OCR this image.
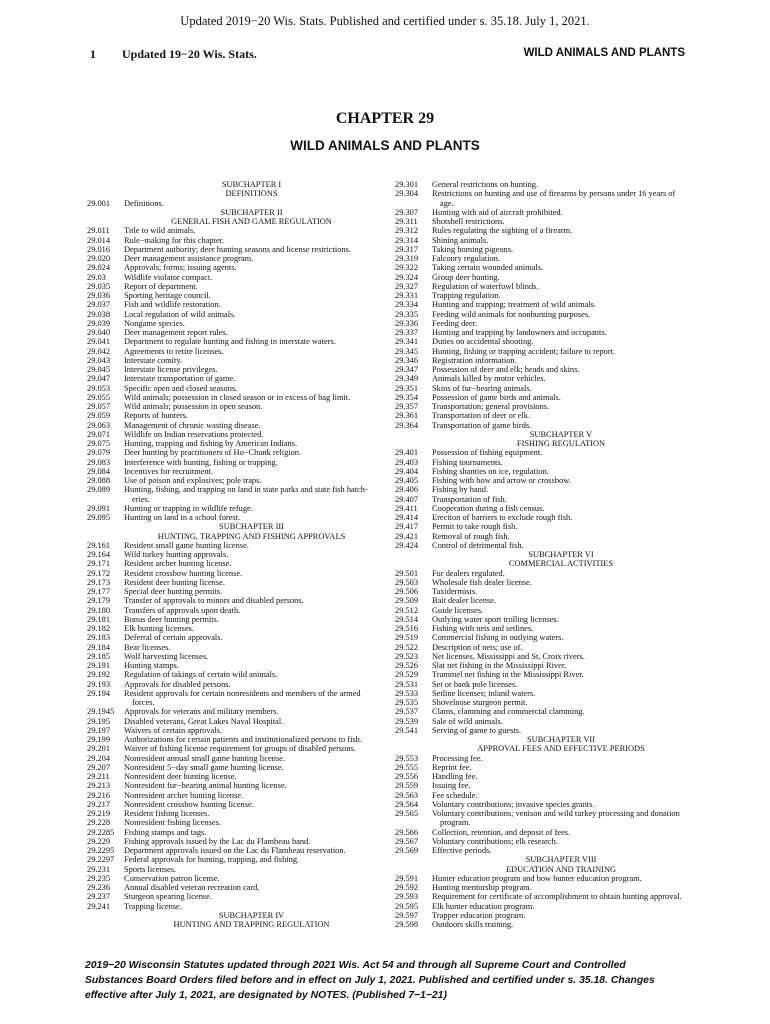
Updated 2019−20 Wis. Stats. Published and certified under s. 35.18. July 1, 2021.
1 Updated 19−20 Wis. Stats.	WILD ANIMALS AND PLANTS
CHAPTER 29
WILD ANIMALS AND PLANTS
SUBCHAPTER I
DEFINITIONS
29.001 Definitions.
SUBCHAPTER II
GENERAL FISH AND GAME REGULATION
29.011 Title to wild animals.
29.014 Rule−making for this chapter.
29.016 Department authority; deer hunting seasons and license restrictions.
29.020 Deer management assistance program.
29.024 Approvals; forms; issuing agents.
29.03 Wildlife violator compact.
29.035 Report of department.
29.036 Sporting heritage council.
29.037 Fish and wildlife restoration.
29.038 Local regulation of wild animals.
29.039 Nongame species.
29.040 Deer management report rules.
29.041 Department to regulate hunting and fishing in interstate waters.
29.042 Agreements to retire licenses.
29.043 Interstate comity.
29.045 Interstate license privileges.
29.047 Interstate transportation of game.
29.053 Specific open and closed seasons.
29.055 Wild animals; possession in closed season or in excess of bag limit.
29.057 Wild animals; possession in open season.
29.059 Reports of hunters.
29.063 Management of chronic wasting disease.
29.071 Wildlife on Indian reservations protected.
29.075 Hunting, trapping and fishing by American Indians.
29.079 Deer hunting by practitioners of Ho−Chunk religion.
29.083 Interference with hunting, fishing or trapping.
29.084 Incentives for recruitment.
29.088 Use of poison and explosives; pole traps.
29.089 Hunting, fishing, and trapping on land in state parks and state fish hatch-
eries.
29.091 Hunting or trapping in wildlife refuge.
29.095 Hunting on land in a school forest.
SUBCHAPTER III
HUNTING, TRAPPING AND FISHING APPROVALS
29.161 Resident small game hunting license.
29.164 Wild turkey hunting approvals.
29.171 Resident archer hunting license.
29.172 Resident crossbow hunting license.
29.173 Resident deer hunting license.
29.177 Special deer hunting permits.
29.179 Transfer of approvals to minors and disabled persons.
29.180 Transfers of approvals upon death.
29.181 Bonus deer hunting permits.
29.182 Elk hunting licenses.
29.183 Deferral of certain approvals.
29.184 Bear licenses.
29.185 Wolf harvesting licenses.
29.191 Hunting stamps.
29.192 Regulation of takings of certain wild animals.
29.193 Approvals for disabled persons.
29.194 Resident approvals for certain nonresidents and members of the armed
forces.
29.1945 Approvals for veterans and military members.
29.195 Disabled veterans, Great Lakes Naval Hospital.
29.197 Waivers of certain approvals.
29.199 Authorizations for certain patients and institutionalized persons to fish.
29.201 Waiver of fishing license requirement for groups of disabled persons.
29.204 Nonresident annual small game hunting license.
29.207 Nonresident 5−day small game hunting license.
29.211 Nonresident deer hunting license.
29.213 Nonresident fur−bearing animal hunting license.
29.216 Nonresident archer hunting license.
29.217 Nonresident crossbow hunting license.
29.219 Resident fishing licenses.
29.228 Nonresident fishing licenses.
29.2285 Fishing stamps and tags.
29.229 Fishing approvals issued by the Lac du Flambeau band.
29.2295 Department approvals issued on the Lac du Flambeau reservation.
29.2297 Federal approvals for hunting, trapping, and fishing.
29.231 Sports licenses.
29.235 Conservation patron license.
29.236 Annual disabled veteran recreation card.
29.237 Sturgeon spearing license.
29.241 Trapping license.
SUBCHAPTER IV
HUNTING AND TRAPPING REGULATION
29.301 General restrictions on hunting.
29.304 Restrictions on hunting and use of firearms by persons under 16 years of
age.
29.307 Hunting with aid of aircraft prohibited.
29.311 Shotshell restrictions.
29.312 Rules regulating the sighting of a firearm.
29.314 Shining animals.
29.317 Taking homing pigeons.
29.319 Falconry regulation.
29.322 Taking certain wounded animals.
29.324 Group deer hunting.
29.327 Regulation of waterfowl blinds.
29.331 Trapping regulation.
29.334 Hunting and trapping; treatment of wild animals.
29.335 Feeding wild animals for nonhunting purposes.
29.336 Feeding deer.
29.337 Hunting and trapping by landowners and occupants.
29.341 Duties on accidental shooting.
29.345 Hunting, fishing or trapping accident; failure to report.
29.346 Registration information.
29.347 Possession of deer and elk; heads and skins.
29.349 Animals killed by motor vehicles.
29.351 Skins of fur−bearing animals.
29.354 Possession of game birds and animals.
29.357 Transportation; general provisions.
29.361 Transportation of deer or elk.
29.364 Transportation of game birds.
SUBCHAPTER V
FISHING REGULATION
29.401 Possession of fishing equipment.
29.403 Fishing tournaments.
29.404 Fishing shanties on ice, regulation.
29.405 Fishing with bow and arrow or crossbow.
29.406 Fishing by hand.
29.407 Transportation of fish.
29.411 Cooperation during a fish census.
29.414 Erection of barriers to exclude rough fish.
29.417 Permit to take rough fish.
29.421 Removal of rough fish.
29.424 Control of detrimental fish.
SUBCHAPTER VI
COMMERCIAL ACTIVITIES
29.501 Fur dealers regulated.
29.503 Wholesale fish dealer license.
29.506 Taxidermists.
29.509 Bait dealer license.
29.512 Guide licenses.
29.514 Outlying water sport trolling licenses.
29.516 Fishing with nets and setlines.
29.519 Commercial fishing in outlying waters.
29.522 Description of nets; use of.
29.523 Net licenses, Mississippi and St. Croix rivers.
29.526 Slat net fishing in the Mississippi River.
29.529 Trammel net fishing in the Mississippi River.
29.531 Set or bank pole licenses.
29.533 Setline licenses; inland waters.
29.535 Shovelnose sturgeon permit.
29.537 Clams, clamming and commercial clamming.
29.539 Sale of wild animals.
29.541 Serving of game to guests.
SUBCHAPTER VII
APPROVAL FEES AND EFFECTIVE PERIODS
29.553 Processing fee.
29.555 Reprint fee.
29.556 Handling fee.
29.559 Issuing fee.
29.563 Fee schedule.
29.564 Voluntary contributions; invasive species grants.
29.565 Voluntary contributions; venison and wild turkey processing and donation
program.
29.566 Collection, retention, and deposit of fees.
29.567 Voluntary contributions; elk research.
29.569 Effective periods.
SUBCHAPTER VIII
EDUCATION AND TRAINING
29.591 Hunter education program and bow hunter education program.
29.592 Hunting mentorship program.
29.593 Requirement for certificate of accomplishment to obtain hunting approval.
29.595 Elk hunter education program.
29.597 Trapper education program.
29.598 Outdoors skills training.
2019−20 Wisconsin Statutes updated through 2021 Wis. Act 54 and through all Supreme Court and Controlled Substances Board Orders filed before and in effect on July 1, 2021. Published and certified under s. 35.18. Changes effective after July 1, 2021, are designated by NOTES. (Published 7−1−21)
